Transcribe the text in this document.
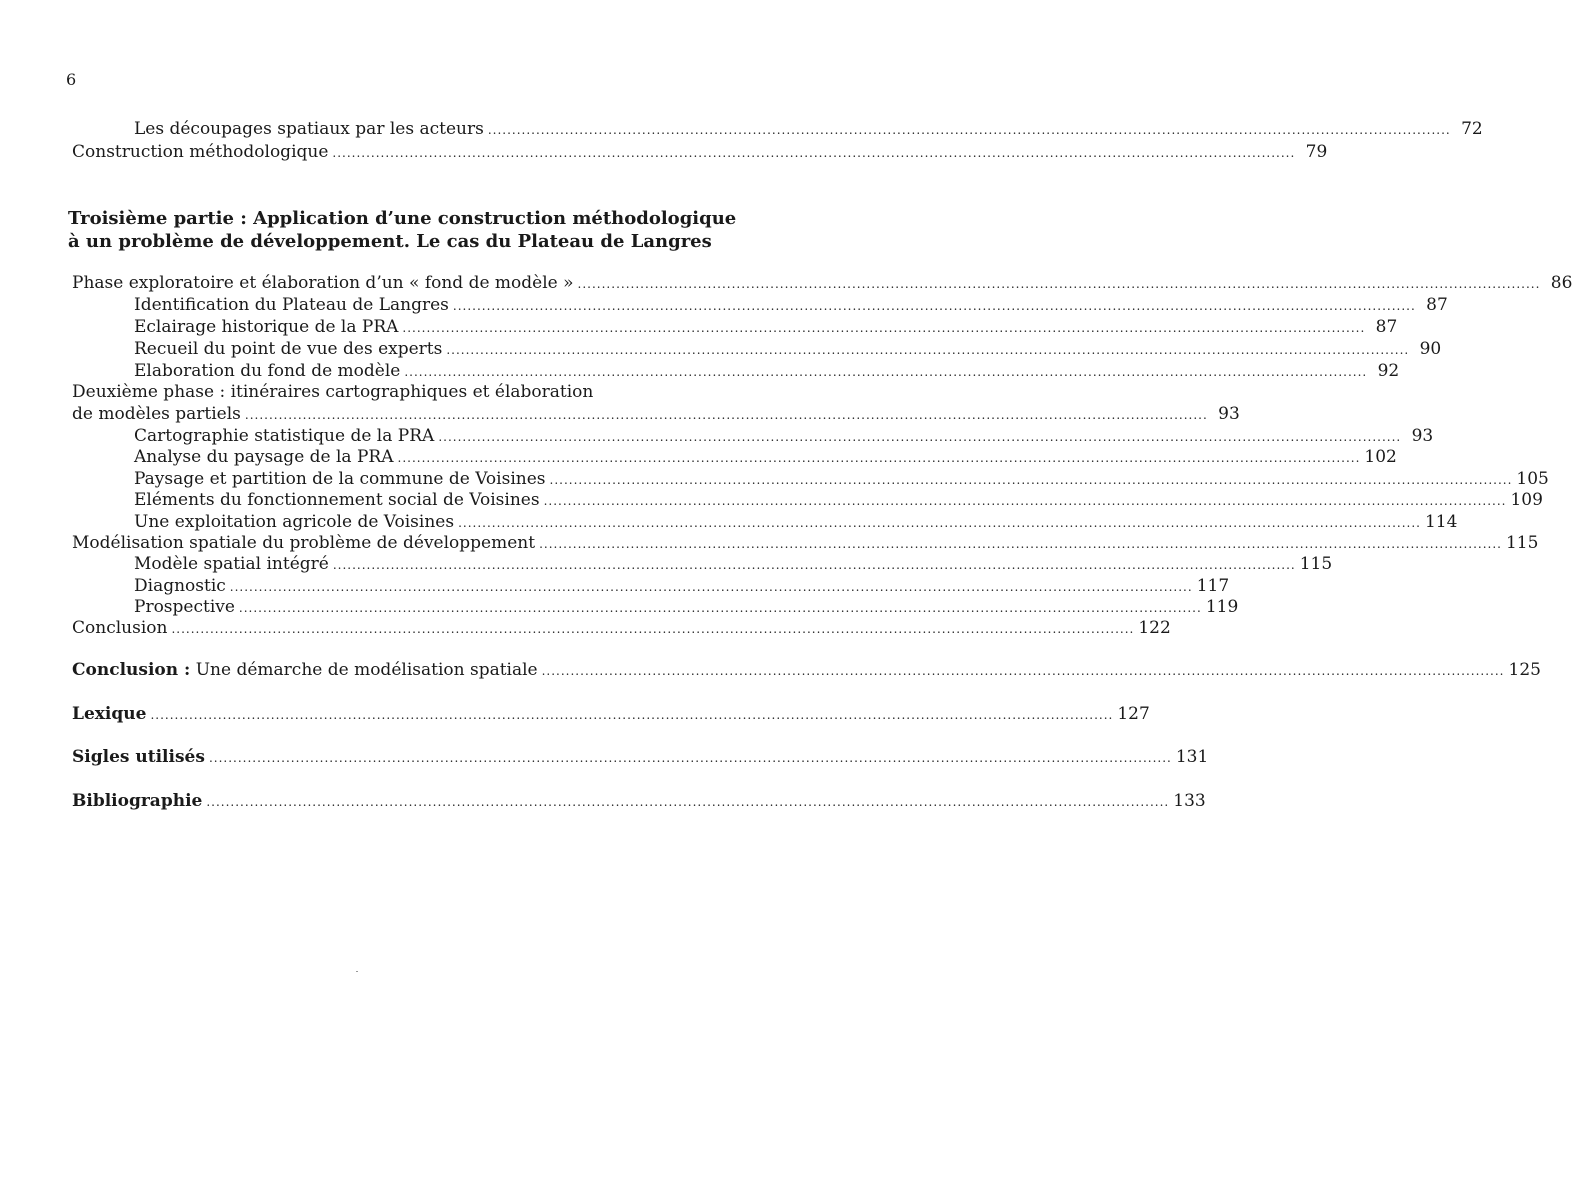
6
Les découpages spatiaux par les acteurs ........................................................................................................................................................................................................ 72
Construction méthodologique ........................................................................................................................................................................................................ 79
Troisième partie : Application d’une construction méthodologique
à un problème de développement. Le cas du Plateau de Langres
Phase exploratoire et élaboration d’un « fond de modèle » ........................................................................................................................................................................................................ 86
Identification du Plateau de Langres ........................................................................................................................................................................................................ 87
Eclairage historique de la PRA ........................................................................................................................................................................................................ 87
Recueil du point de vue des experts ........................................................................................................................................................................................................ 90
Elaboration du fond de modèle ........................................................................................................................................................................................................ 92
Deuxième phase : itinéraires cartographiques et élaboration
de modèles partiels ........................................................................................................................................................................................................ 93
Cartographie statistique de la PRA ........................................................................................................................................................................................................ 93
Analyse du paysage de la PRA ........................................................................................................................................................................................................ 102
Paysage et partition de la commune de Voisines ........................................................................................................................................................................................................ 105
Eléments du fonctionnement social de Voisines ........................................................................................................................................................................................................ 109
Une exploitation agricole de Voisines ........................................................................................................................................................................................................ 114
Modélisation spatiale du problème de développement ........................................................................................................................................................................................................ 115
Modèle spatial intégré ........................................................................................................................................................................................................ 115
Diagnostic ........................................................................................................................................................................................................ 117
Prospective ........................................................................................................................................................................................................ 119
Conclusion ........................................................................................................................................................................................................ 122
Conclusion : Une démarche de modélisation spatiale ........................................................................................................................................................................................................ 125
Lexique ........................................................................................................................................................................................................ 127
Sigles utilisés ........................................................................................................................................................................................................ 131
Bibliographie ........................................................................................................................................................................................................ 133
